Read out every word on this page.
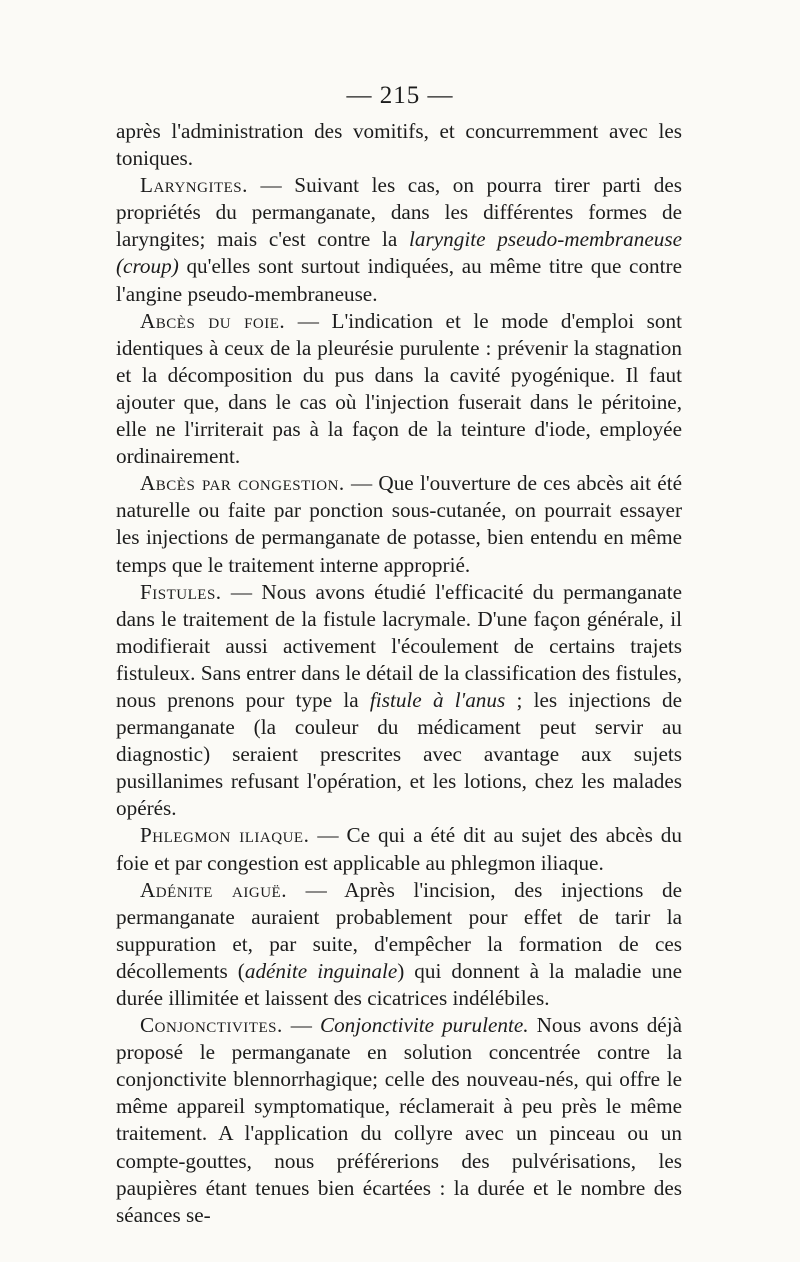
— 215 —

après l'administration des vomitifs, et concurremment avec les toniques.

Laryngites. — Suivant les cas, on pourra tirer parti des propriétés du permanganate, dans les différentes formes de laryngites; mais c'est contre la laryngite pseudo-membraneuse (croup) qu'elles sont surtout indiquées, au même titre que contre l'angine pseudo-membraneuse.

Abcès du foie. — L'indication et le mode d'emploi sont identiques à ceux de la pleurésie purulente : prévenir la stagnation et la décomposition du pus dans la cavité pyogénique. Il faut ajouter que, dans le cas où l'injection fuserait dans le péritoine, elle ne l'irriterait pas à la façon de la teinture d'iode, employée ordinairement.

Abcès par congestion. — Que l'ouverture de ces abcès ait été naturelle ou faite par ponction sous-cutanée, on pourrait essayer les injections de permanganate de potasse, bien entendu en même temps que le traitement interne approprié.

Fistules. — Nous avons étudié l'efficacité du permanganate dans le traitement de la fistule lacrymale. D'une façon générale, il modifierait aussi activement l'écoulement de certains trajets fistuleux. Sans entrer dans le détail de la classification des fistules, nous prenons pour type la fistule à l'anus ; les injections de permanganate (la couleur du médicament peut servir au diagnostic) seraient prescrites avec avantage aux sujets pusillanimes refusant l'opération, et les lotions, chez les malades opérés.

Phlegmon iliaque. — Ce qui a été dit au sujet des abcès du foie et par congestion est applicable au phlegmon iliaque.

Adénite aiguë. — Après l'incision, des injections de permanganate auraient probablement pour effet de tarir la suppuration et, par suite, d'empêcher la formation de ces décollements (adénite inguinale) qui donnent à la maladie une durée illimitée et laissent des cicatrices indélébiles.

Conjonctivites. — Conjonctivite purulente. Nous avons déjà proposé le permanganate en solution concentrée contre la conjonctivite blennorrhagique; celle des nouveau-nés, qui offre le même appareil symptomatique, réclamerait à peu près le même traitement. A l'application du collyre avec un pinceau ou un compte-gouttes, nous préférerions des pulvérisations, les paupières étant tenues bien écartées : la durée et le nombre des séances se-
